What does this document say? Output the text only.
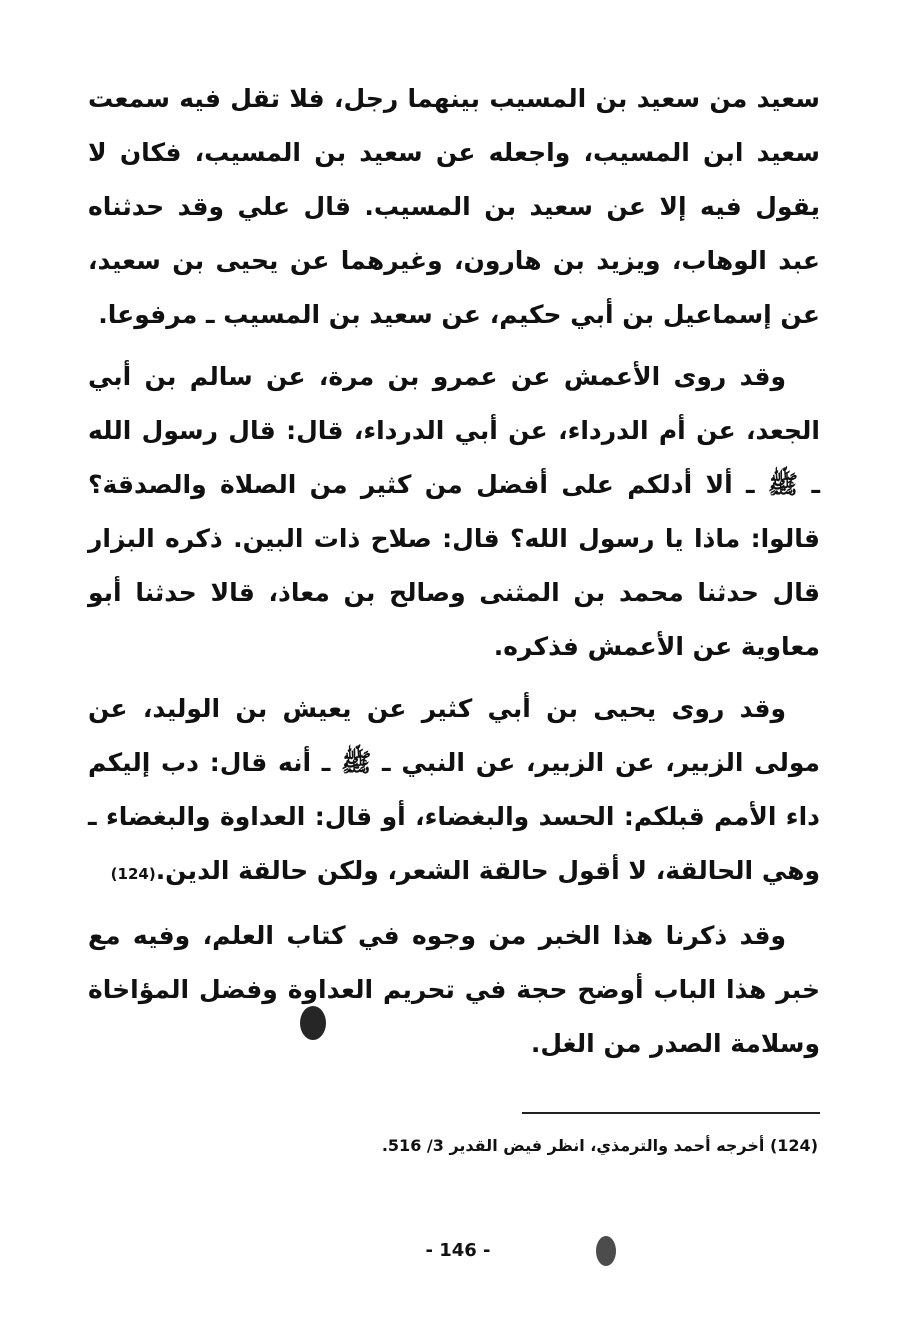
سعيد من سعيد بن المسيب بينهما رجل، فلا تقل فيه سمعت سعيد ابن المسيب، واجعله عن سعيد بن المسيب، فكان لا يقول فيه إلا عن سعيد بن المسيب. قال علي وقد حدثناه عبد الوهاب، ويزيد بن هارون، وغيرهما عن يحيى بن سعيد، عن إسماعيل بن أبي حكيم، عن سعيد بن المسيب ـ مرفوعا.

وقد روى الأعمش عن عمرو بن مرة، عن سالم بن أبي الجعد، عن أم الدرداء، عن أبي الدرداء، قال: قال رسول الله ـ ﷺ ـ ألا أدلكم على أفضل من كثير من الصلاة والصدقة؟ قالوا: ماذا يا رسول الله؟ قال: صلاح ذات البين. ذكره البزار قال حدثنا محمد بن المثنى وصالح بن معاذ، قالا حدثنا أبو معاوية عن الأعمش فذكره.

وقد روى يحيى بن أبي كثير عن يعيش بن الوليد، عن مولى الزبير، عن الزبير، عن النبي ـ ﷺ ـ أنه قال: دب إليكم داء الأمم قبلكم: الحسد والبغضاء، أو قال: العداوة والبغضاء ـ وهي الحالقة، لا أقول حالقة الشعر، ولكن حالقة الدين.(124)

وقد ذكرنا هذا الخبر من وجوه في كتاب العلم، وفيه مع خبر هذا الباب أوضح حجة في تحريم العداوة وفضل المؤاخاة وسلامة الصدر من الغل.

(124) أخرجه أحمد والترمذي، انظر فيض القدير 3/ 516.
- 146 -
